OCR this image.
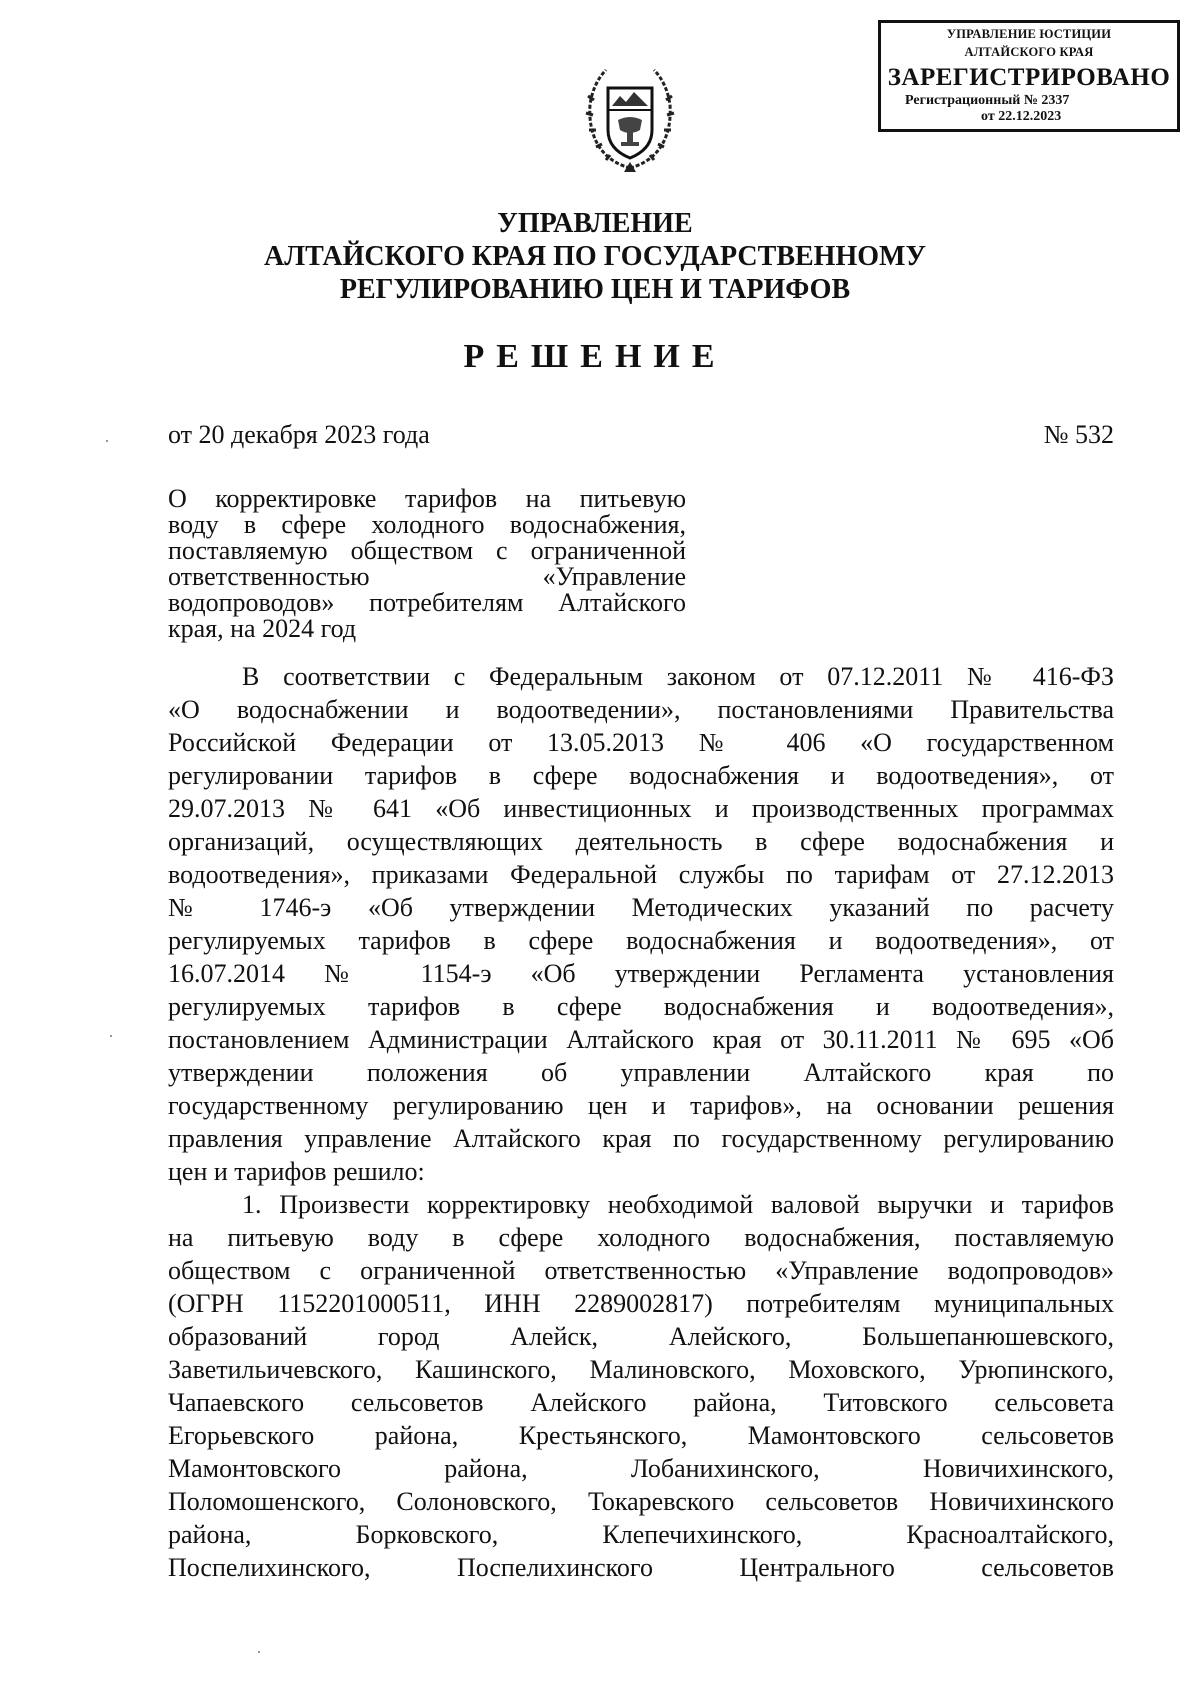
УПРАВЛЕНИЕ ЮСТИЦИИ
АЛТАЙСКОГО КРАЯ
ЗАРЕГИСТРИРОВАНО
Регистрационный № 2337
от 22.12.2023
УПРАВЛЕНИЕ
АЛТАЙСКОГО КРАЯ ПО ГОСУДАРСТВЕННОМУ
РЕГУЛИРОВАНИЮ ЦЕН И ТАРИФОВ
РЕШЕНИЕ
от 20 декабря 2023 года	№ 532
О корректировке тарифов на питьевую
воду в сфере холодного водоснабжения,
поставляемую обществом с ограниченной
ответственностью «Управление
водопроводов» потребителям Алтайского
края, на 2024 год
В соответствии с Федеральным законом от 07.12.2011 № 416-ФЗ
«О водоснабжении и водоотведении», постановлениями Правительства
Российской Федерации от 13.05.2013 № 406 «О государственном
регулировании тарифов в сфере водоснабжения и водоотведения», от
29.07.2013 № 641 «Об инвестиционных и производственных программах
организаций, осуществляющих деятельность в сфере водоснабжения и
водоотведения», приказами Федеральной службы по тарифам от 27.12.2013
№ 1746-э «Об утверждении Методических указаний по расчету
регулируемых тарифов в сфере водоснабжения и водоотведения», от
16.07.2014 № 1154-э «Об утверждении Регламента установления
регулируемых тарифов в сфере водоснабжения и водоотведения»,
постановлением Администрации Алтайского края от 30.11.2011 № 695 «Об
утверждении положения об управлении Алтайского края по
государственному регулированию цен и тарифов», на основании решения
правления управление Алтайского края по государственному регулированию
цен и тарифов решило:
1. Произвести корректировку необходимой валовой выручки и тарифов
на питьевую воду в сфере холодного водоснабжения, поставляемую
обществом с ограниченной ответственностью «Управление водопроводов»
(ОГРН 1152201000511, ИНН 2289002817) потребителям муниципальных
образований город Алейск, Алейского, Большепанюшевского,
Заветильичевского, Кашинского, Малиновского, Моховского, Урюпинского,
Чапаевского сельсоветов Алейского района, Титовского сельсовета
Егорьевского района, Крестьянского, Мамонтовского сельсоветов
Мамонтовского района, Лобанихинского, Новичихинского,
Поломошенского, Солоновского, Токаревского сельсоветов Новичихинского
района, Борковского, Клепечихинского, Красноалтайского,
Поспелихинского, Поспелихинского Центрального сельсоветов
